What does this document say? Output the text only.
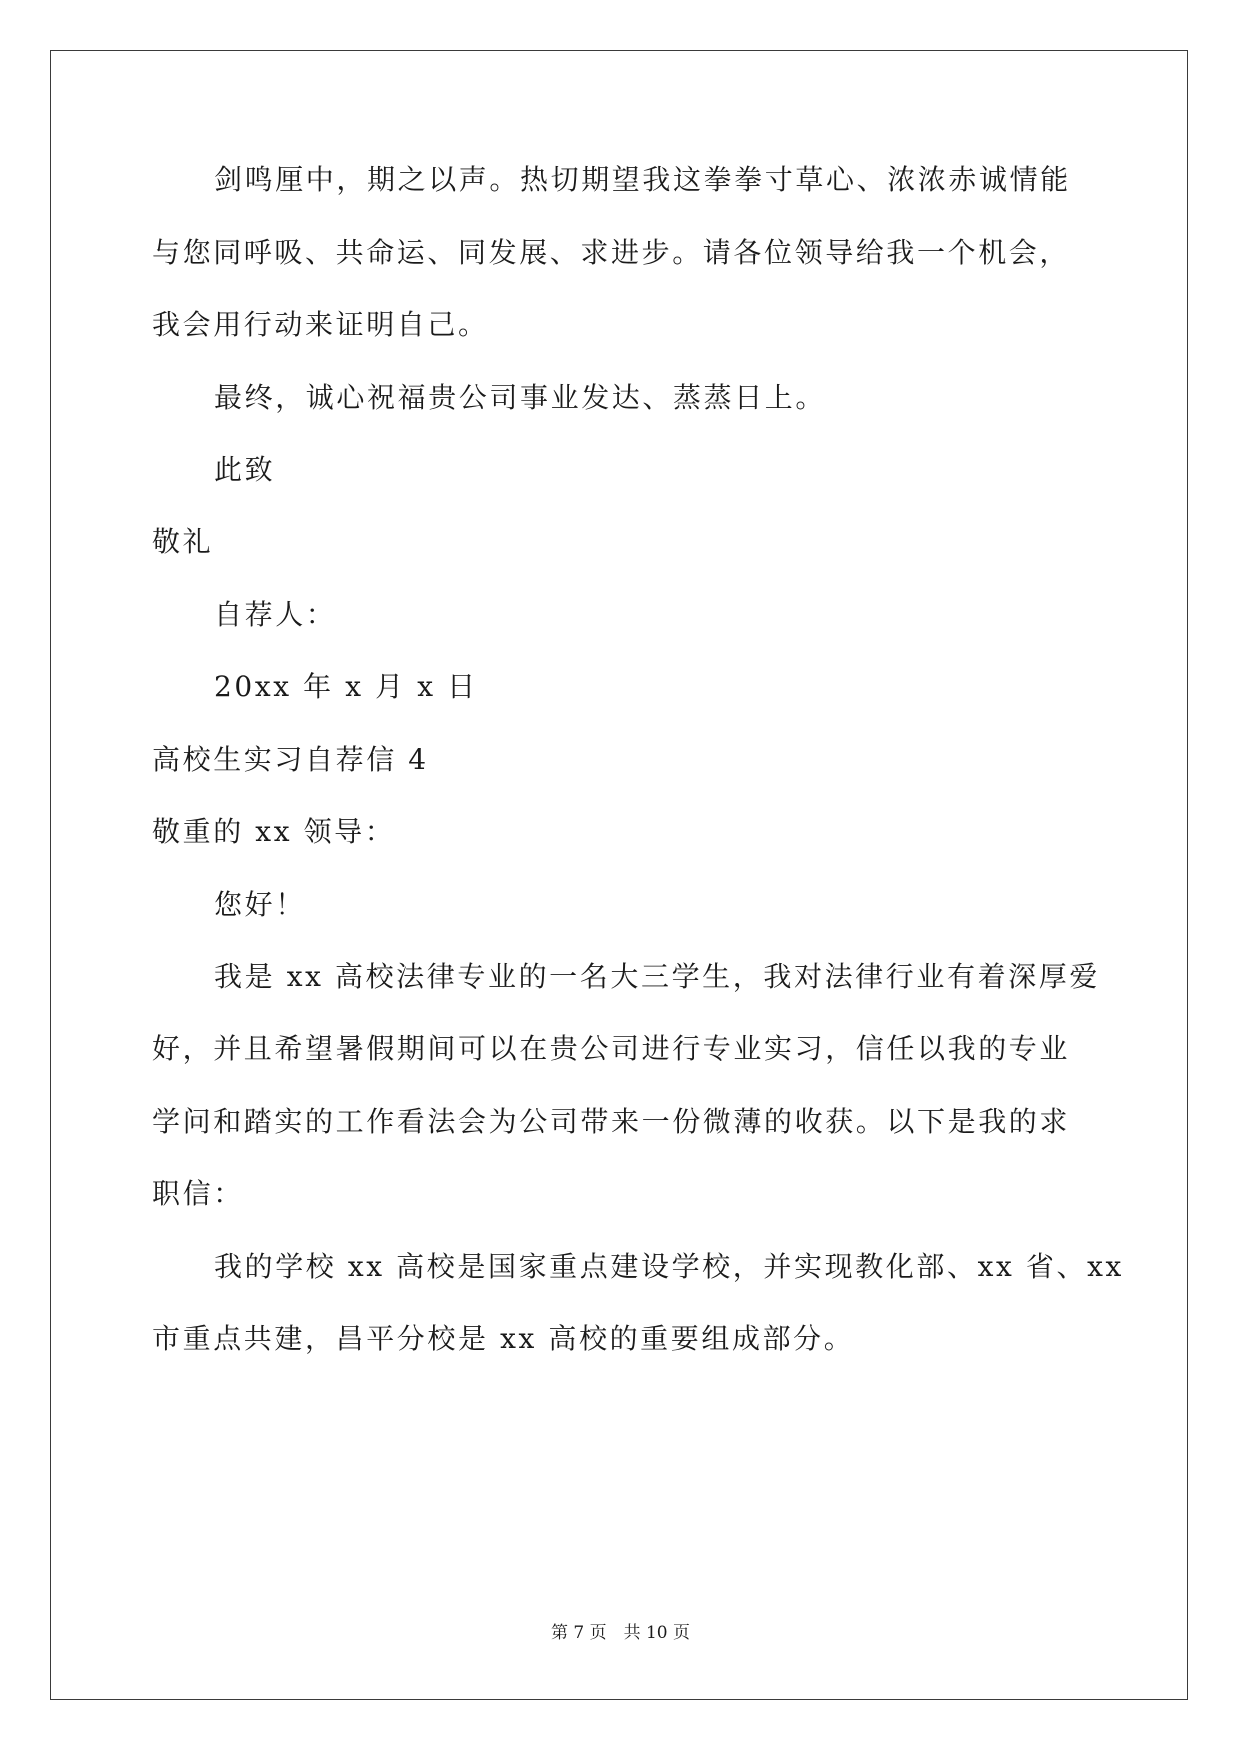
剑鸣厘中，期之以声。热切期望我这拳拳寸草心、浓浓赤诚情能
与您同呼吸、共命运、同发展、求进步。请各位领导给我一个机会，
我会用行动来证明自己。
最终，诚心祝福贵公司事业发达、蒸蒸日上。
此致
敬礼
自荐人：
20xx 年 x 月 x 日
高校生实习自荐信 4
敬重的 xx 领导：
您好！
我是 xx 高校法律专业的一名大三学生，我对法律行业有着深厚爱
好，并且希望暑假期间可以在贵公司进行专业实习，信任以我的专业
学问和踏实的工作看法会为公司带来一份微薄的收获。以下是我的求
职信：
我的学校 xx 高校是国家重点建设学校，并实现教化部、xx 省、xx
市重点共建，昌平分校是 xx 高校的重要组成部分。
第 7 页　共 10 页
